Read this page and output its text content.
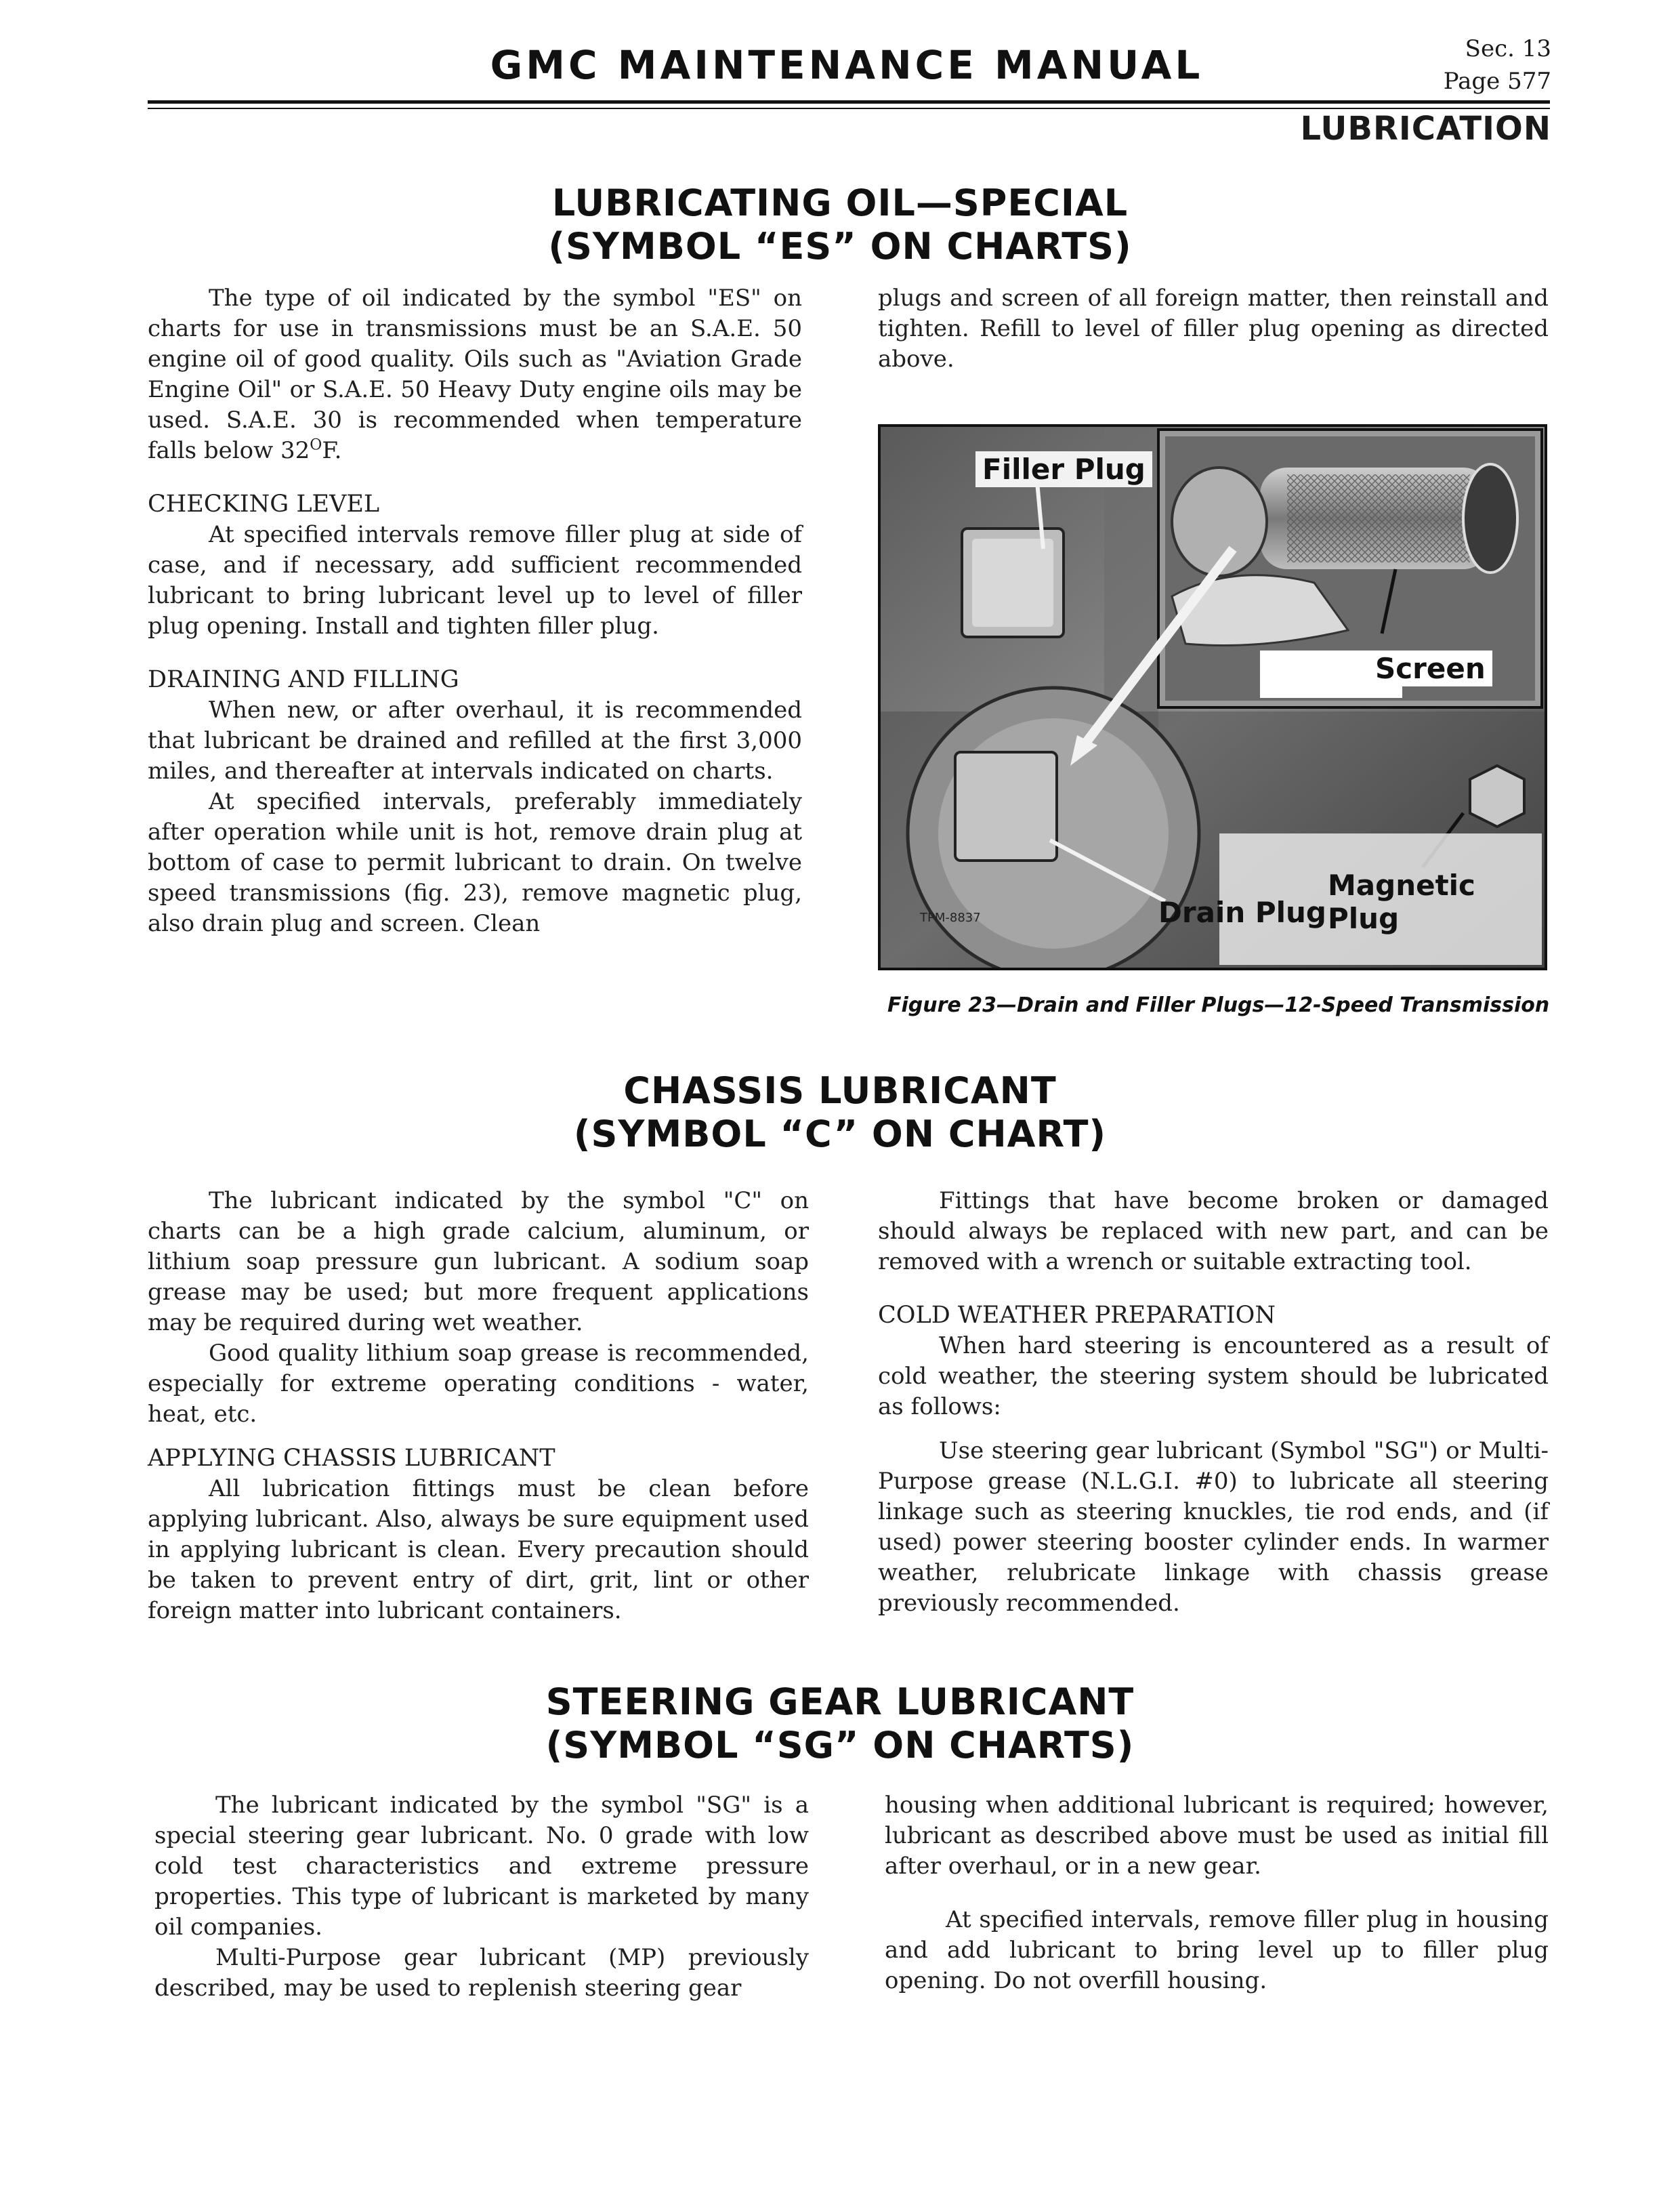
GMC MAINTENANCE MANUAL	Sec. 13
Page 577
LUBRICATION
LUBRICATING OIL—SPECIAL
(SYMBOL “ES” ON CHARTS)

The type of oil indicated by the symbol "ES" on charts for use in transmissions must be an S.A.E. 50 engine oil of good quality. Oils such as "Aviation Grade Engine Oil" or S.A.E. 50 Heavy Duty engine oils may be used. S.A.E. 30 is recommended when temperature falls below $32^OF$.

CHECKING LEVEL

At specified intervals remove filler plug at side of case, and if necessary, add sufficient recommended lubricant to bring lubricant level up to level of filler plug opening. Install and tighten filler plug.

DRAINING AND FILLING

When new, or after overhaul, it is recommended that lubricant be drained and refilled at the first 3,000 miles, and thereafter at intervals indicated on charts.

At specified intervals, preferably immediately after operation while unit is hot, remove drain plug at bottom of case to permit lubricant to drain. On twelve speed transmissions (fig. 23), remove magnetic plug, also drain plug and screen. Clean

plugs and screen of all foreign matter, then reinstall and tighten. Refill to level of filler plug opening as directed above.

Filler Plug
Screen
Drain Plug
Magnetic Plug
TPM-8837
Figure 23—Drain and Filler Plugs—12-Speed Transmission
CHASSIS LUBRICANT
(SYMBOL “C” ON CHART)

The lubricant indicated by the symbol "C" on charts can be a high grade calcium, aluminum, or lithium soap pressure gun lubricant. A sodium soap grease may be used; but more frequent applications may be required during wet weather.

Good quality lithium soap grease is recommended, especially for extreme operating conditions - water, heat, etc.

APPLYING CHASSIS LUBRICANT

All lubrication fittings must be clean before applying lubricant. Also, always be sure equipment used in applying lubricant is clean. Every precaution should be taken to prevent entry of dirt, grit, lint or other foreign matter into lubricant containers.

Fittings that have become broken or damaged should always be replaced with new part, and can be removed with a wrench or suitable extracting tool.

COLD WEATHER PREPARATION

When hard steering is encountered as a result of cold weather, the steering system should be lubricated as follows:

Use steering gear lubricant (Symbol "SG") or Multi-Purpose grease (N.L.G.I. #0) to lubricate all steering linkage such as steering knuckles, tie rod ends, and (if used) power steering booster cylinder ends. In warmer weather, relubricate linkage with chassis grease previously recommended.

STEERING GEAR LUBRICANT
(SYMBOL “SG” ON CHARTS)

The lubricant indicated by the symbol "SG" is a special steering gear lubricant. No. 0 grade with low cold test characteristics and extreme pressure properties. This type of lubricant is marketed by many oil companies.

Multi-Purpose gear lubricant (MP) previously described, may be used to replenish steering gear

housing when additional lubricant is required; however, lubricant as described above must be used as initial fill after overhaul, or in a new gear.

At specified intervals, remove filler plug in housing and add lubricant to bring level up to filler plug opening. Do not overfill housing.
